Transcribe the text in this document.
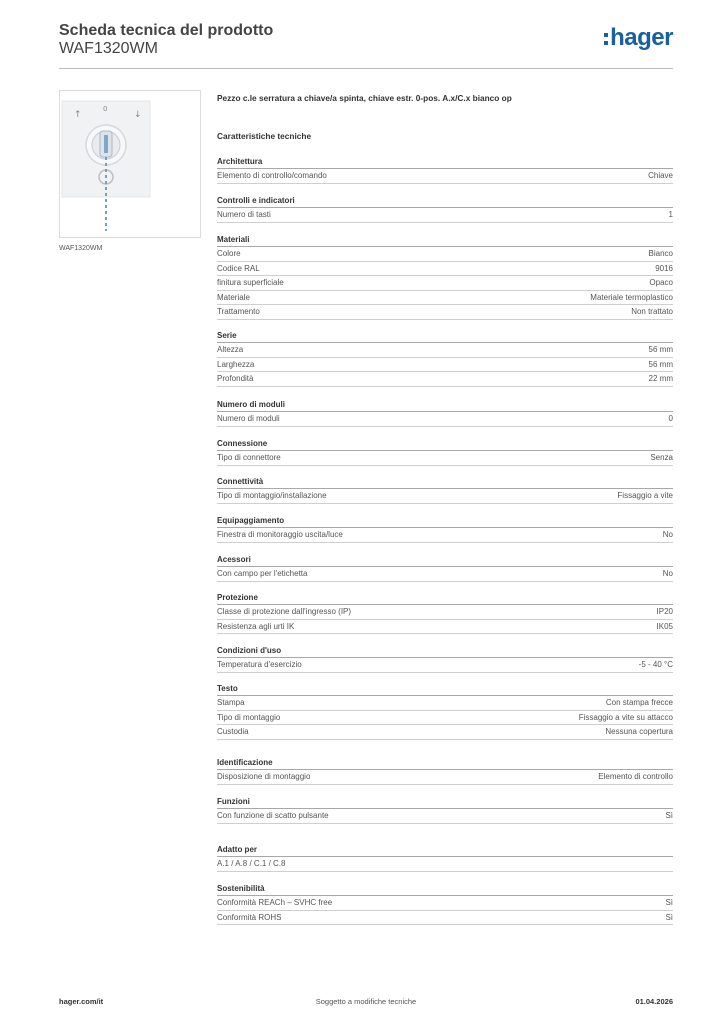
Scheda tecnica del prodotto
WAF1320WM	hager
↑
0
↓
WAF1320WM
Pezzo c.le serratura a chiave/a spinta, chiave estr. 0-pos. A.x/C.x bianco op
Caratteristiche tecniche
Architettura
Elemento di controllo/comando	Chiave
Controlli e indicatori
Numero di tasti	1
Materiali
Colore	Bianco
Codice RAL	9016
finitura superficiale	Opaco
Materiale	Materiale termoplastico
Trattamento	Non trattato
Serie
Altezza	56 mm
Larghezza	56 mm
Profondità	22 mm
Numero di moduli
Numero di moduli	0
Connessione
Tipo di connettore	Senza
Connettività
Tipo di montaggio/installazione	Fissaggio a vite
Equipaggiamento
Finestra di monitoraggio uscita/luce	No
Acessori
Con campo per l'etichetta	No
Protezione
Classe di protezione dall'ingresso (IP)	IP20
Resistenza agli urti IK	IK05
Condizioni d'uso
Temperatura d'esercizio	-5 - 40 °C
Testo
Stampa	Con stampa frecce
Tipo di montaggio	Fissaggio a vite su attacco
Custodia	Nessuna copertura
Identificazione
Disposizione di montaggio	Elemento di controllo
Funzioni
Con funzione di scatto pulsante	Sì
Adatto per
A.1 / A.8 / C.1 / C.8
Sostenibilità
Conformità REACh – SVHC free	Sì
Conformità ROHS	Sì
hager.com/it	Soggetto a modifiche tecniche	01.04.2026
